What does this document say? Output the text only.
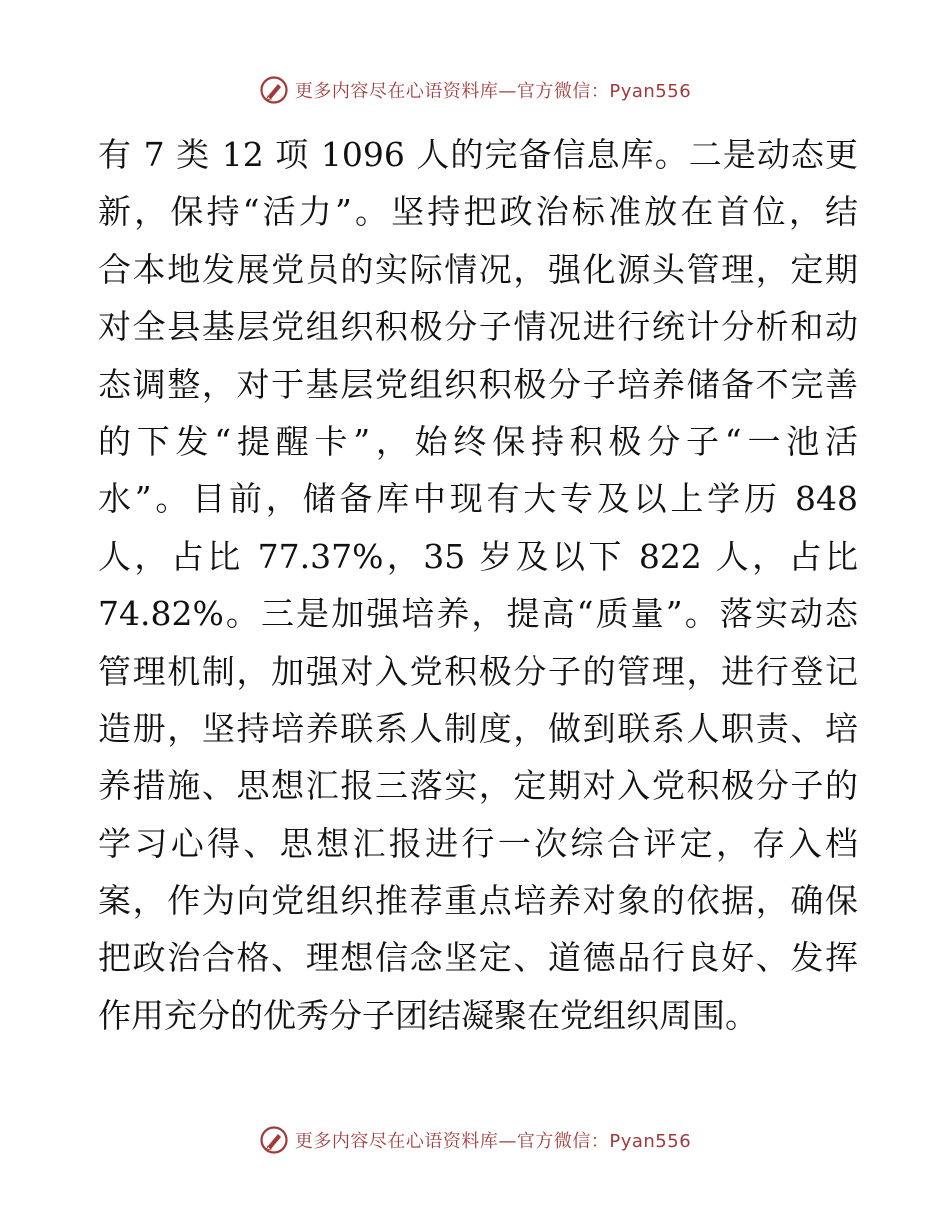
更多内容尽在心语资料库—官方微信：Pyan556
有 7 类 12 项 1096 人的完备信息库。二是动态更
新，保持“活力”。坚持把政治标准放在首位，结
合本地发展党员的实际情况，强化源头管理，定期
对全县基层党组织积极分子情况进行统计分析和动
态调整，对于基层党组织积极分子培养储备不完善
的下发“提醒卡”，始终保持积极分子“一池活
水”。目前，储备库中现有大专及以上学历 848
人，占比 77.37%，35 岁及以下 822 人，占比
74.82%。三是加强培养，提高“质量”。落实动态
管理机制，加强对入党积极分子的管理，进行登记
造册，坚持培养联系人制度，做到联系人职责、培
养措施、思想汇报三落实，定期对入党积极分子的
学习心得、思想汇报进行一次综合评定，存入档
案，作为向党组织推荐重点培养对象的依据，确保
把政治合格、理想信念坚定、道德品行良好、发挥
作用充分的优秀分子团结凝聚在党组织周围。
更多内容尽在心语资料库—官方微信：Pyan556
